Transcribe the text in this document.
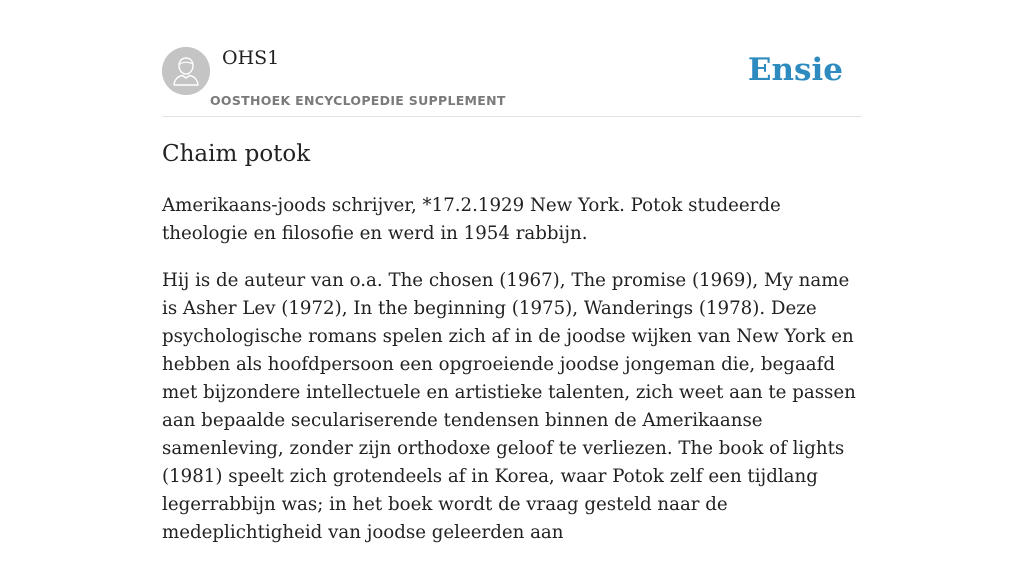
OHS1
OOSTHOEK ENCYCLOPEDIE SUPPLEMENT
Ensie
Chaim potok

Amerikaans-joods schrijver, *17.2.1929 New York. Potok studeerde theologie en filosofie en werd in 1954 rabbijn.

Hij is de auteur van o.a. The chosen (1967), The promise (1969), My name is Asher Lev (1972), In the beginning (1975), Wanderings (1978). Deze psychologische romans spelen zich af in de joodse wijken van New York en hebben als hoofdpersoon een opgroeiende joodse jongeman die, begaafd met bijzondere intellectuele en artistieke talenten, zich weet aan te passen aan bepaalde seculariserende tendensen binnen de Amerikaanse samenleving, zonder zijn orthodoxe geloof te verliezen. The book of lights (1981) speelt zich grotendeels af in Korea, waar Potok zelf een tijdlang legerrabbijn was; in het boek wordt de vraag gesteld naar de medeplichtigheid van joodse geleerden aan
